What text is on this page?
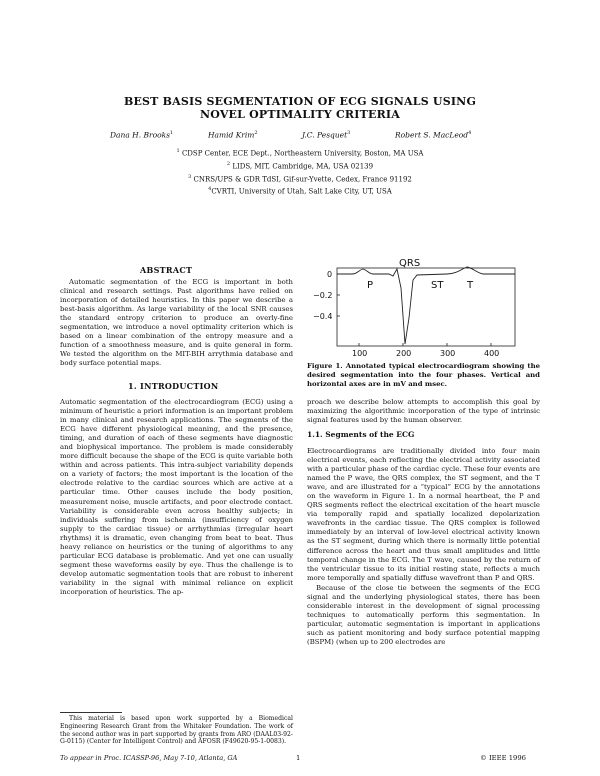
BEST BASIS SEGMENTATION OF ECG SIGNALS USING
NOVEL OPTIMALITY CRITERIA
Dana H. Brooks$^1$	Hamid Krim$^2$	J.C. Pesquet$^3$	Robert S. MacLeod$^4$
$^1$ CDSP Center, ECE Dept., Northeastern University, Boston, MA USA
$^2$ LIDS, MIT, Cambridge, MA, USA 02139
$^3$ CNRS/UPS & GDR TdSI, Gif-sur-Yvette, Cedex, France 91192
$^4$CVRTI, University of Utah, Salt Lake City, UT, USA
ABSTRACT

Automatic segmentation of the ECG is important in both clinical and research settings. Past algorithms have relied on incorporation of detailed heuristics. In this paper we describe a best-basis algorithm. As large variability of the local SNR causes the standard entropy criterion to produce an overly-fine segmentation, we introduce a novel optimality criterion which is based on a linear combination of the entropy measure and a function of a smoothness measure, and is quite general in form. We tested the algorithm on the MIT-BIH arrythmia database and body surface potential maps.

1. INTRODUCTION

Automatic segmentation of the electrocardiogram (ECG) using a minimum of heuristic a priori information is an important problem in many clinical and research applications. The segments of the ECG have different physiological meaning, and the presence, timing, and duration of each of these segments have diagnostic and biophysical importance. The problem is made considerably more difficult because the shape of the ECG is quite variable both within and across patients. This intra-subject variability depends on a variety of factors; the most important is the location of the electrode relative to the cardiac sources which are active at a particular time. Other causes include the body position, measurement noise, muscle artifacts, and poor electrode contact. Variability is considerable even across healthy subjects; in individuals suffering from ischemia (insufficiency of oxygen supply to the cardiac tissue) or arrhythmias (irregular heart rhythms) it is dramatic, even changing from beat to beat. Thus heavy reliance on heuristics or the tuning of algorithms to any particular ECG database is problematic. And yet one can usually segment these waveforms easily by eye. Thus the challenge is to develop automatic segmentation tools that are robust to inherent variability in the signal with minimal reliance on explicit incorporation of heuristics. The ap-

This material is based upon work supported by a Biomedical Engineering Research Grant from the Whitaker Foundation. The work of the second author was in part supported by grants from ARO (DAAL03-92-G-0115) (Center for Intelligent Control) and AFOSR (F49620-95-1-0083).

QRS
P	ST T
0
−0.2
−0.4
100	200	300	400
Figure 1. Annotated typical electrocardiogram showing the desired segmentation into the four phases. Vertical and horizontal axes are in mV and msec.

proach we describe below attempts to accomplish this goal by maximizing the algorithmic incorporation of the type of intrinsic signal features used by the human observer.

1.1. Segments of the ECG

Electrocardiograms are traditionally divided into four main electrical events, each reflecting the electrical activity associated with a particular phase of the cardiac cycle. These four events are named the P wave, the QRS complex, the ST segment, and the T wave, and are illustrated for a “typical” ECG by the annotations on the waveform in Figure 1. In a normal heartbeat, the P and QRS segments reflect the electrical excitation of the heart muscle via temporally rapid and spatially localized depolarization wavefronts in the cardiac tissue. The QRS complex is followed immediately by an interval of low-level electrical activity known as the ST segment, during which there is normally little potential difference across the heart and thus small amplitudes and little temporal change in the ECG. The T wave, caused by the return of the ventricular tissue to its initial resting state, reflects a much more temporally and spatially diffuse wavefront than P and QRS.

Because of the close tie between the segments of the ECG signal and the underlying physiological states, there has been considerable interest in the development of signal processing techniques to automatically perform this segmentation. In particular, automatic segmentation is important in applications such as patient monitoring and body surface potential mapping (BSPM) (when up to 200 electrodes are

To appear in Proc. ICASSP-96, May 7-10, Atlanta, GA	1	© IEEE 1996
